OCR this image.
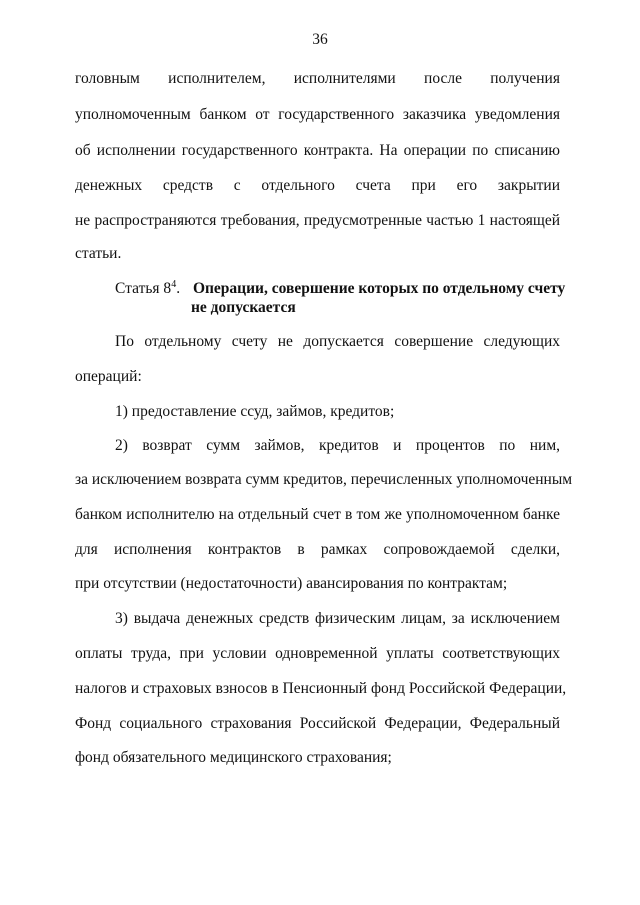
36

головным исполнителем, исполнителями после получения

уполномоченным банком от государственного заказчика уведомления

об исполнении государственного контракта. На операции по списанию

денежных средств с отдельного счета при его закрытии

не распространяются требования, предусмотренные частью 1 настоящей

статьи.

Статья $8^4$. Операции, совершение которых по отдельному счету
не допускается

По отдельному счету не допускается совершение следующих

операций:

1) предоставление ссуд, займов, кредитов;

2) возврат сумм займов, кредитов и процентов по ним,

за исключением возврата сумм кредитов, перечисленных уполномоченным

банком исполнителю на отдельный счет в том же уполномоченном банке

для исполнения контрактов в рамках сопровождаемой сделки,

при отсутствии (недостаточности) авансирования по контрактам;

3) выдача денежных средств физическим лицам, за исключением

оплаты труда, при условии одновременной уплаты соответствующих

налогов и страховых взносов в Пенсионный фонд Российской Федерации,

Фонд социального страхования Российской Федерации, Федеральный

фонд обязательного медицинского страхования;
